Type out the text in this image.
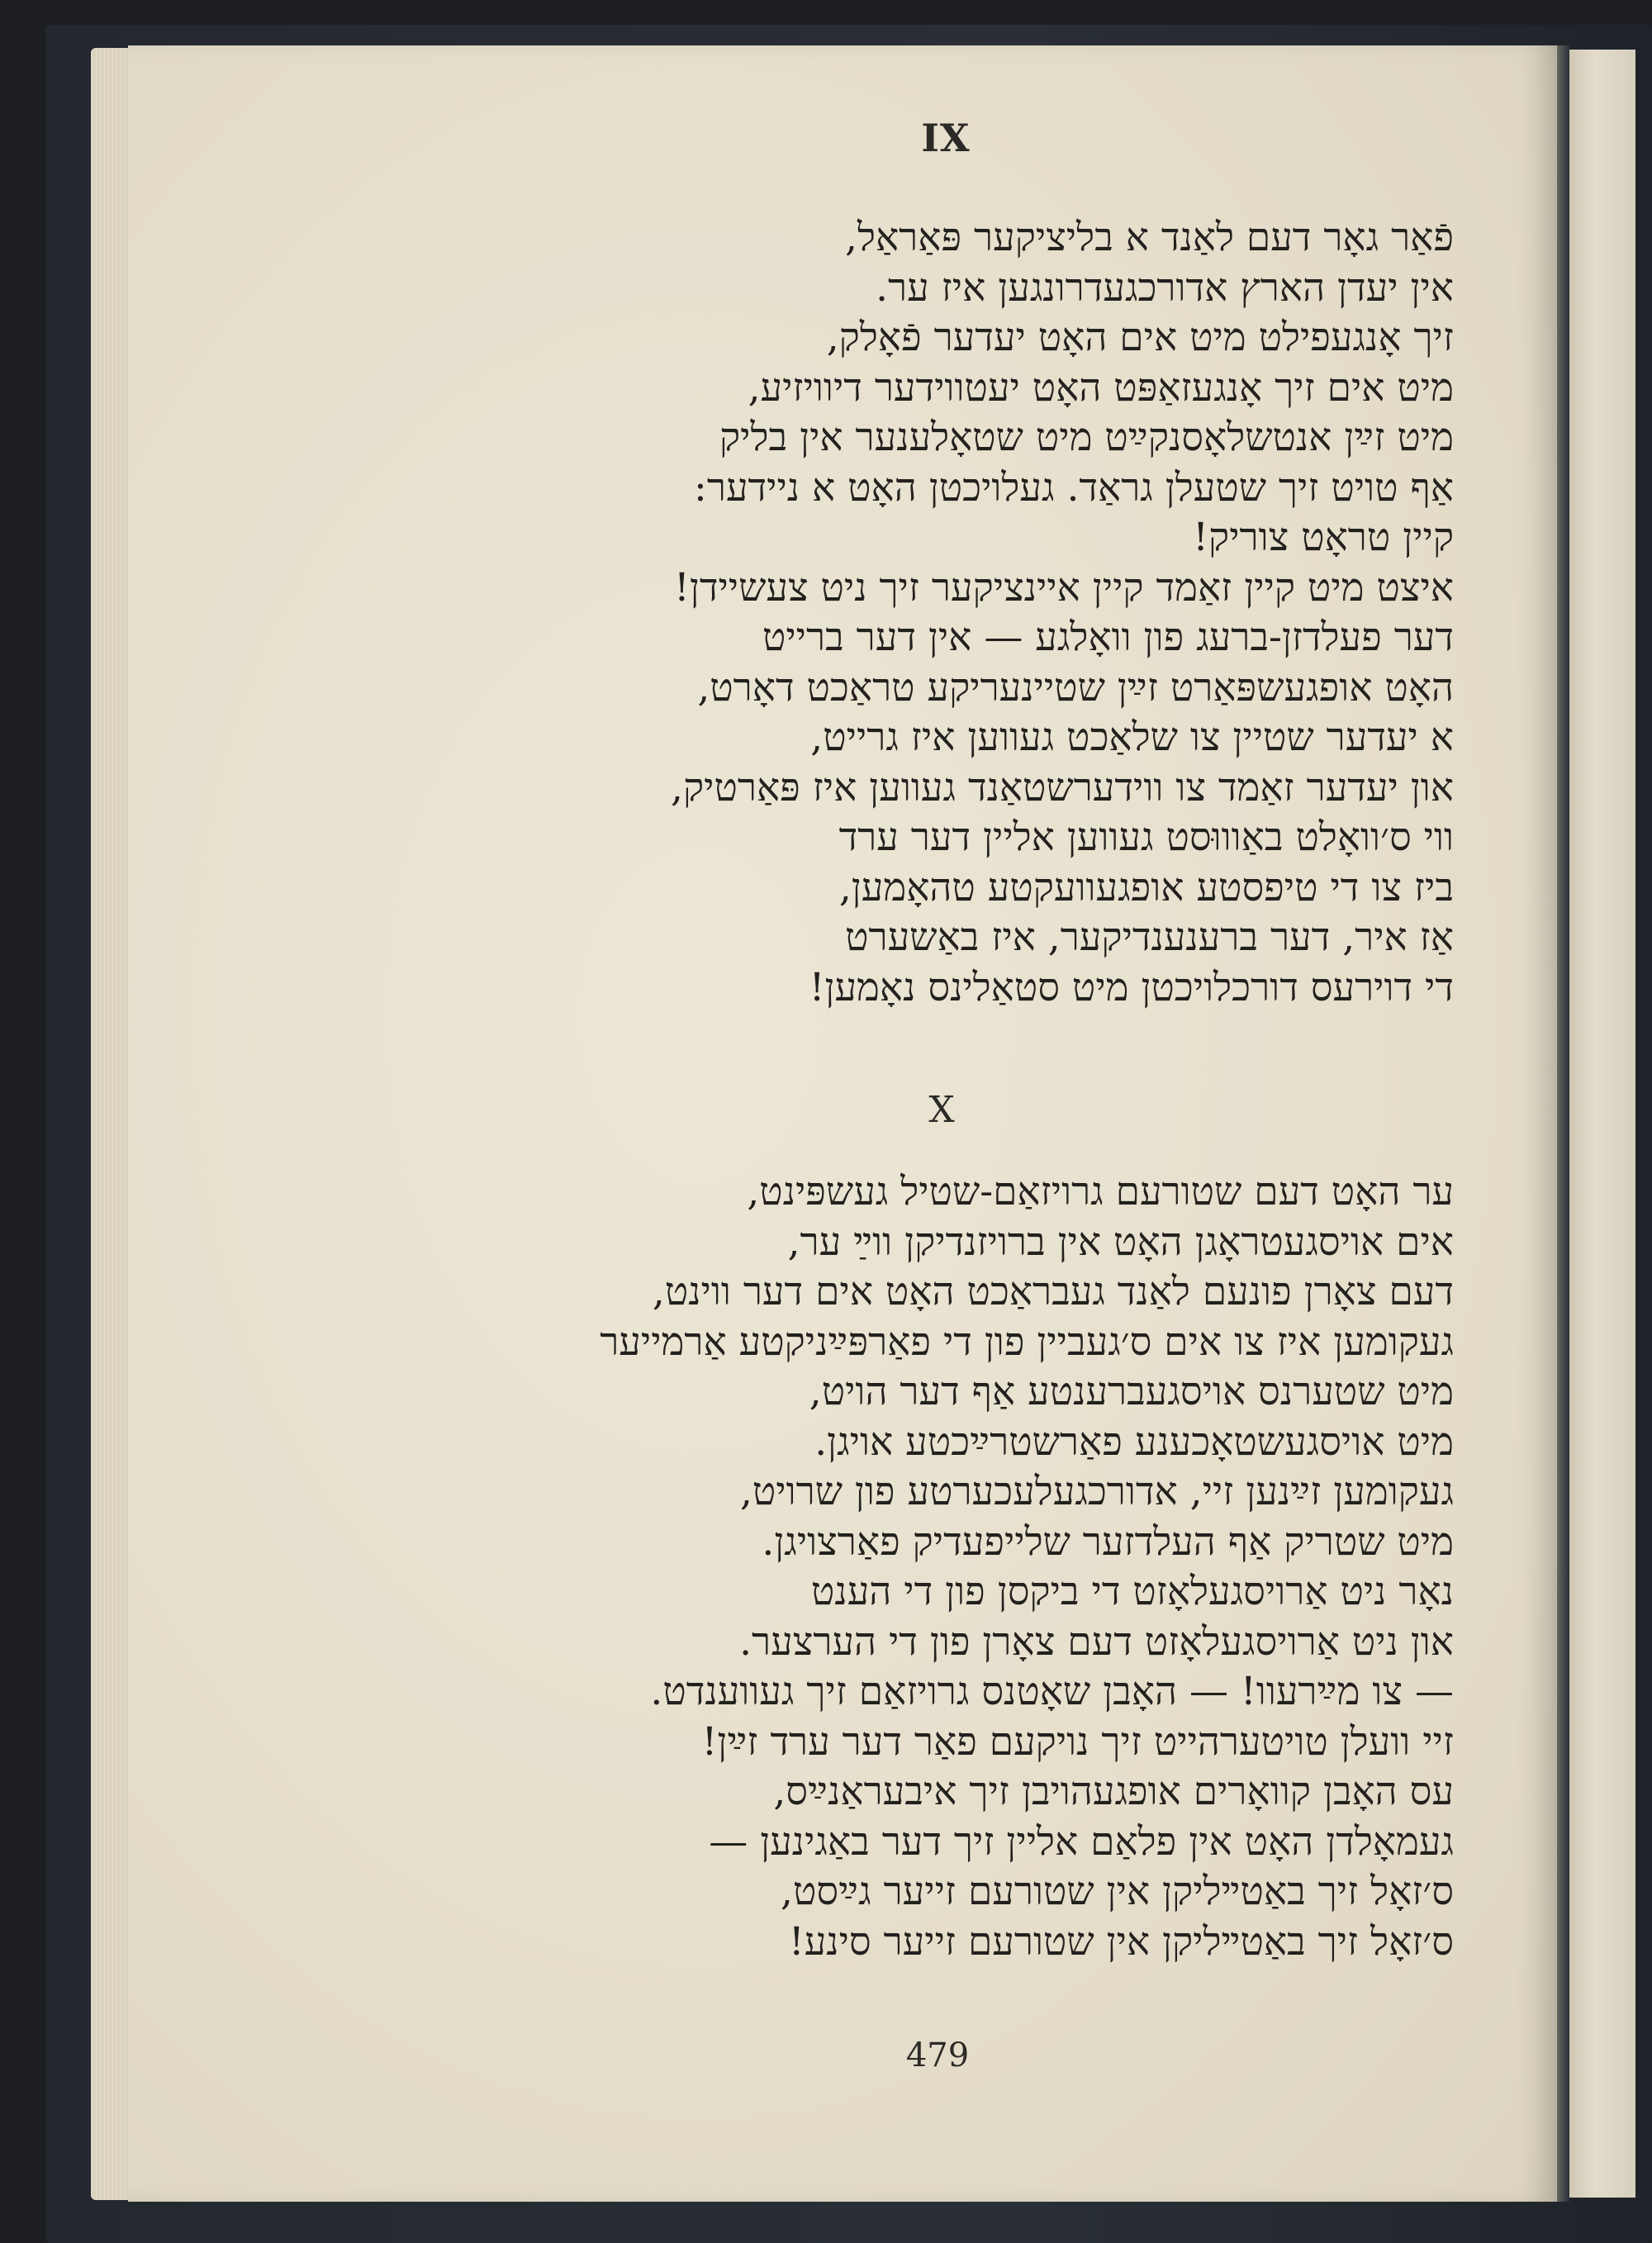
IX
פֿאַר גאָר דעם לאַנד א בליציקער פּאַראַל,
אין יעדן הארץ אדורכגעדרונגען איז ער.
זיך אָנגעפילט מיט אים האָט יעדער פֿאָלק,
מיט אים זיך אָנגעזאַפּט האָט יעטווידער דיוויזיע,
מיט זײַן אנטשלאָסנקײַט מיט שטאָלענער אין בליק
אַף טויט זיך שטעלן גראַד. געלויכטן האָט א ניידער:
קיין טראָט צוריק!
איצט מיט קיין זאַמד קיין איינציקער זיך ניט צעשיידן!
דער פעלדזן-ברעג פון וואָלגע — אין דער ברייט
האָט אופגעשפּאַרט זײַן שטיינעריקע טראַכט דאָרט,
א יעדער שטיין צו שלאַכט געווען איז גרייט,
און יעדער זאַמד צו ווידערשטאַנד געווען איז פּאַרטיק,
ווי ס׳וואָלט באַוווּסט געווען אליין דער ערד
ביז צו די טיפסטע אופגעוועקטע טהאָמען,
אַז איר, דער ברענענדיקער, איז באַשערט
די דוירעס דורכלויכטן מיט סטאַלינס נאָמען!
X
ער האָט דעם שטורעם גרויזאַם-שטיל געשפּינט,
אים אויסגעטראָגן האָט אין ברויזנדיקן ווײַ ער,
דעם צאָרן פונעם לאַנד געבראַכט האָט אים דער ווינט,
געקומען איז צו אים ס׳געביין פון די פאַרפּײַניקטע אַרמייער
מיט שטערנס אויסגעברענטע אַף דער הויט,
מיט אויסגעשטאָכענע פאַרשטרײַכטע אויגן.
געקומען זײַנען זיי, אדורכגעלעכערטע פון שרויט,
מיט שטריק אַף העלדזער שלייפעדיק פאַרצויגן.
נאָר ניט אַרויסגעלאָזט די ביקסן פון די הענט
און ניט אַרויסגעלאָזט דעם צאָרן פון די הערצער.
— צו מײַרעוו! — האָבן שאָטנס גרויזאַם זיך געווענדט.
זיי וועלן טויטערהייט זיך נויקעם פאַר דער ערד זײַן!
עס האָבן קוואָרים אופגעהויבן זיך איבעראַנײַס,
געמאָלדן האָט אין פלאַם אליין זיך דער באַגינען —
ס׳זאָל זיך באַטײליקן אין שטורעם זייער גײַסט,
ס׳זאָל זיך באַטײליקן אין שטורעם זייער סינע!
479
